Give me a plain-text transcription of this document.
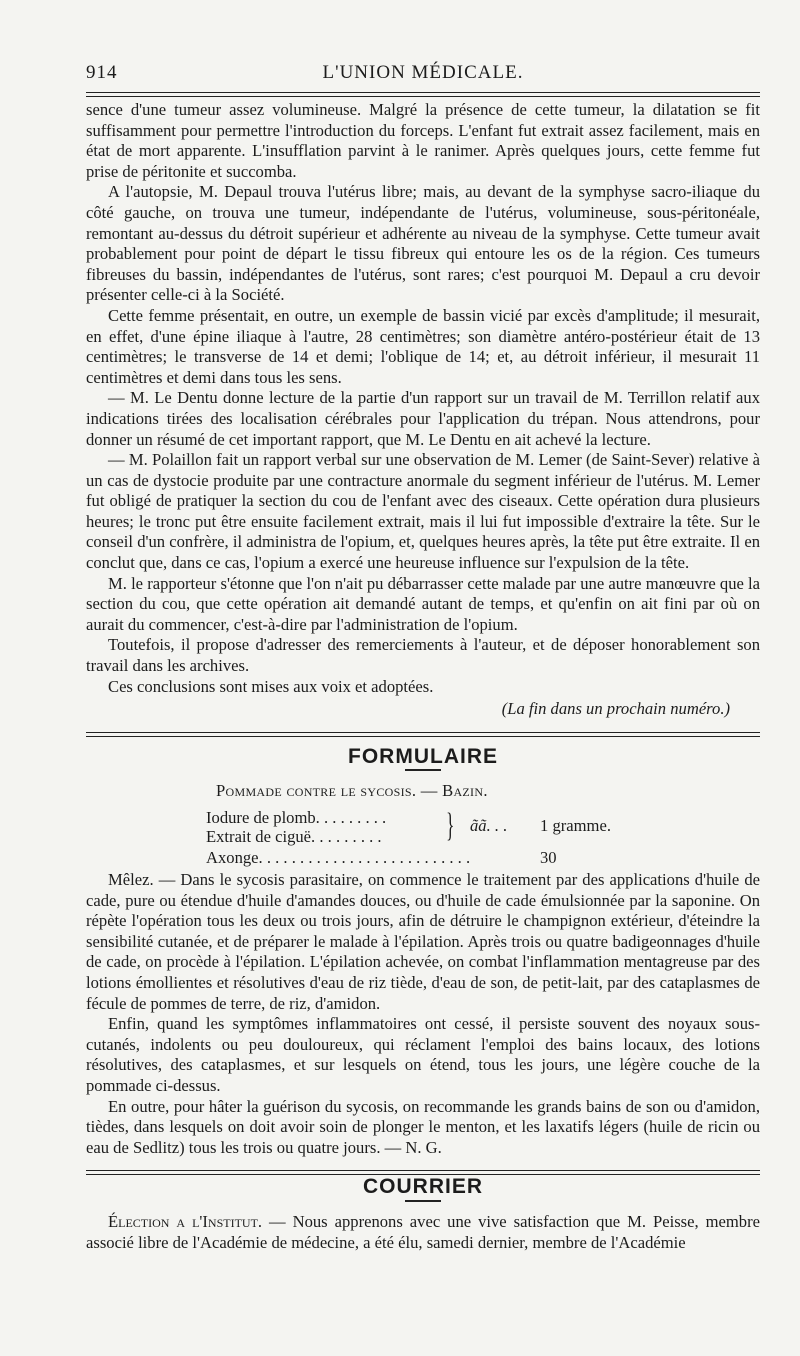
914	L'UNION MÉDICALE.

sence d'une tumeur assez volumineuse. Malgré la présence de cette tumeur, la dilatation se fit suffisamment pour permettre l'introduction du forceps. L'enfant fut extrait assez facilement, mais en état de mort apparente. L'insufflation parvint à le ranimer. Après quelques jours, cette femme fut prise de péritonite et succomba.

A l'autopsie, M. Depaul trouva l'utérus libre; mais, au devant de la symphyse sacro-iliaque du côté gauche, on trouva une tumeur, indépendante de l'utérus, volumineuse, sous-péritonéale, remontant au-dessus du détroit supérieur et adhérente au niveau de la symphyse. Cette tumeur avait probablement pour point de départ le tissu fibreux qui entoure les os de la région. Ces tumeurs fibreuses du bassin, indépendantes de l'utérus, sont rares; c'est pourquoi M. Depaul a cru devoir présenter celle-ci à la Société.

Cette femme présentait, en outre, un exemple de bassin vicié par excès d'amplitude; il mesurait, en effet, d'une épine iliaque à l'autre, 28 centimètres; son diamètre antéro-postérieur était de 13 centimètres; le transverse de 14 et demi; l'oblique de 14; et, au détroit inférieur, il mesurait 11 centimètres et demi dans tous les sens.

— M. Le Dentu donne lecture de la partie d'un rapport sur un travail de M. Terrillon relatif aux indications tirées des localisation cérébrales pour l'application du trépan. Nous attendrons, pour donner un résumé de cet important rapport, que M. Le Dentu en ait achevé la lecture.

— M. Polaillon fait un rapport verbal sur une observation de M. Lemer (de Saint-Sever) relative à un cas de dystocie produite par une contracture anormale du segment inférieur de l'utérus. M. Lemer fut obligé de pratiquer la section du cou de l'enfant avec des ciseaux. Cette opération dura plusieurs heures; le tronc put être ensuite facilement extrait, mais il lui fut impossible d'extraire la tête. Sur le conseil d'un confrère, il administra de l'opium, et, quelques heures après, la tête put être extraite. Il en conclut que, dans ce cas, l'opium a exercé une heureuse influence sur l'expulsion de la tête.

M. le rapporteur s'étonne que l'on n'ait pu débarrasser cette malade par une autre manœuvre que la section du cou, que cette opération ait demandé autant de temps, et qu'enfin on ait fini par où on aurait du commencer, c'est-à-dire par l'administration de l'opium.

Toutefois, il propose d'adresser des remerciements à l'auteur, et de déposer honorablement son travail dans les archives.

Ces conclusions sont mises aux voix et adoptées.

(La fin dans un prochain numéro.)
FORMULAIRE
Pommade contre le sycosis. — Bazin.
Iodure de plomb. . . . . . . . .
Extrait de ciguë. . . . . . . . .
Axonge. . . . . . . . . . . . . . . . . . . . . . . . . .
} ãã. . . 1 gramme.
30

Mêlez. — Dans le sycosis parasitaire, on commence le traitement par des applications d'huile de cade, pure ou étendue d'huile d'amandes douces, ou d'huile de cade émulsionnée par la saponine. On répète l'opération tous les deux ou trois jours, afin de détruire le champignon extérieur, d'éteindre la sensibilité cutanée, et de préparer le malade à l'épilation. Après trois ou quatre badigeonnages d'huile de cade, on procède à l'épilation. L'épilation achevée, on combat l'inflammation mentagreuse par des lotions émollientes et résolutives d'eau de riz tiède, d'eau de son, de petit-lait, par des cataplasmes de fécule de pommes de terre, de riz, d'amidon.

Enfin, quand les symptômes inflammatoires ont cessé, il persiste souvent des noyaux sous-cutanés, indolents ou peu douloureux, qui réclament l'emploi des bains locaux, des lotions résolutives, des cataplasmes, et sur lesquels on étend, tous les jours, une légère couche de la pommade ci-dessus.

En outre, pour hâter la guérison du sycosis, on recommande les grands bains de son ou d'amidon, tièdes, dans lesquels on doit avoir soin de plonger le menton, et les laxatifs légers (huile de ricin ou eau de Sedlitz) tous les trois ou quatre jours. — N. G.

COURRIER

Élection a l'Institut. — Nous apprenons avec une vive satisfaction que M. Peisse, membre associé libre de l'Académie de médecine, a été élu, samedi dernier, membre de l'Académie
